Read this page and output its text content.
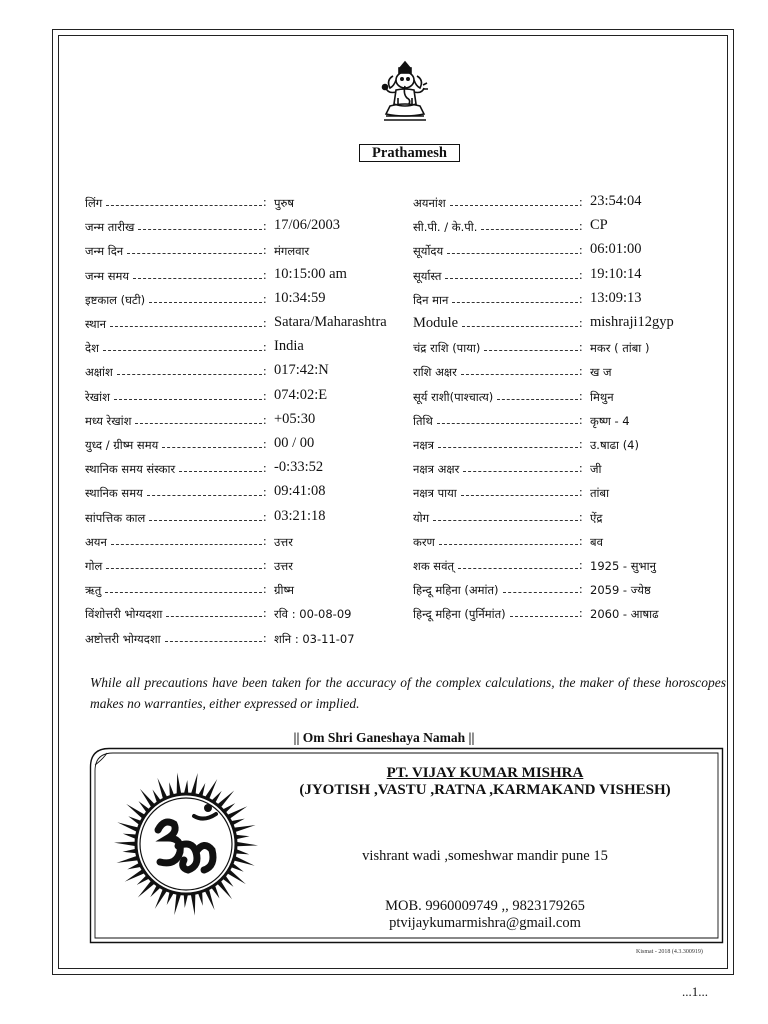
Prathamesh
लिंग	: पुरुष
जन्म तारीख	: 17/06/2003
जन्म दिन	: मंगलवार
जन्म समय	: 10:15:00 am
इष्टकाल (घटी)	: 10:34:59
स्थान	: Satara/Maharashtra
देश	: India
अक्षांश	: 017:42:N
रेखांश	: 074:02:E
मध्य रेखांश	: +05:30
युध्द / ग्रीष्म समय	: 00 / 00
स्थानिक समय संस्कार	: -0:33:52
स्थानिक समय	: 09:41:08
सांपत्तिक काल	: 03:21:18
अयन	: उत्तर
गोल	: उत्तर
ऋतु	: ग्रीष्म
विंशोत्तरी भोग्यदशा	: रवि : 00-08-09
अष्टोत्तरी भोग्यदशा	: शनि : 03-11-07
अयनांश	: 23:54:04
सी.पी. / के.पी.	: CP
सूर्योदय	: 06:01:00
सूर्यास्त	: 19:10:14
दिन मान	: 13:09:13
Module	: mishraji12gyp
चंद्र राशि (पाया)	: मकर ( तांबा )
राशि अक्षर	: ख ज
सूर्य राशी(पाश्चात्य)	: मिथुन
तिथि	: कृष्ण - 4
नक्षत्र	: उ.षाढा (4)
नक्षत्र अक्षर	: जी
नक्षत्र पाया	: तांबा
योग	: ऐंद्र
करण	: बव
शक सवंत्	: 1925 - सुभानु
हिन्दू महिना (अमांत)	: 2059 - ज्येष्ठ
हिन्दू महिना (पुर्निमांत)	: 2060 - आषाढ
While all precautions have been taken for the accuracy of the complex calculations, the maker of these horoscopes makes no warranties, either expressed or implied.
|| Om Shri Ganeshaya Namah ||
PT. VIJAY KUMAR MISHRA
(JYOTISH ,VASTU ,RATNA ,KARMAKAND VISHESH)
vishrant wadi ,someshwar mandir pune 15
MOB. 9960009749 ,, 9823179265
ptvijaykumarmishra@gmail.com
Kismat - 2018 (4.3.300919)
...1...
